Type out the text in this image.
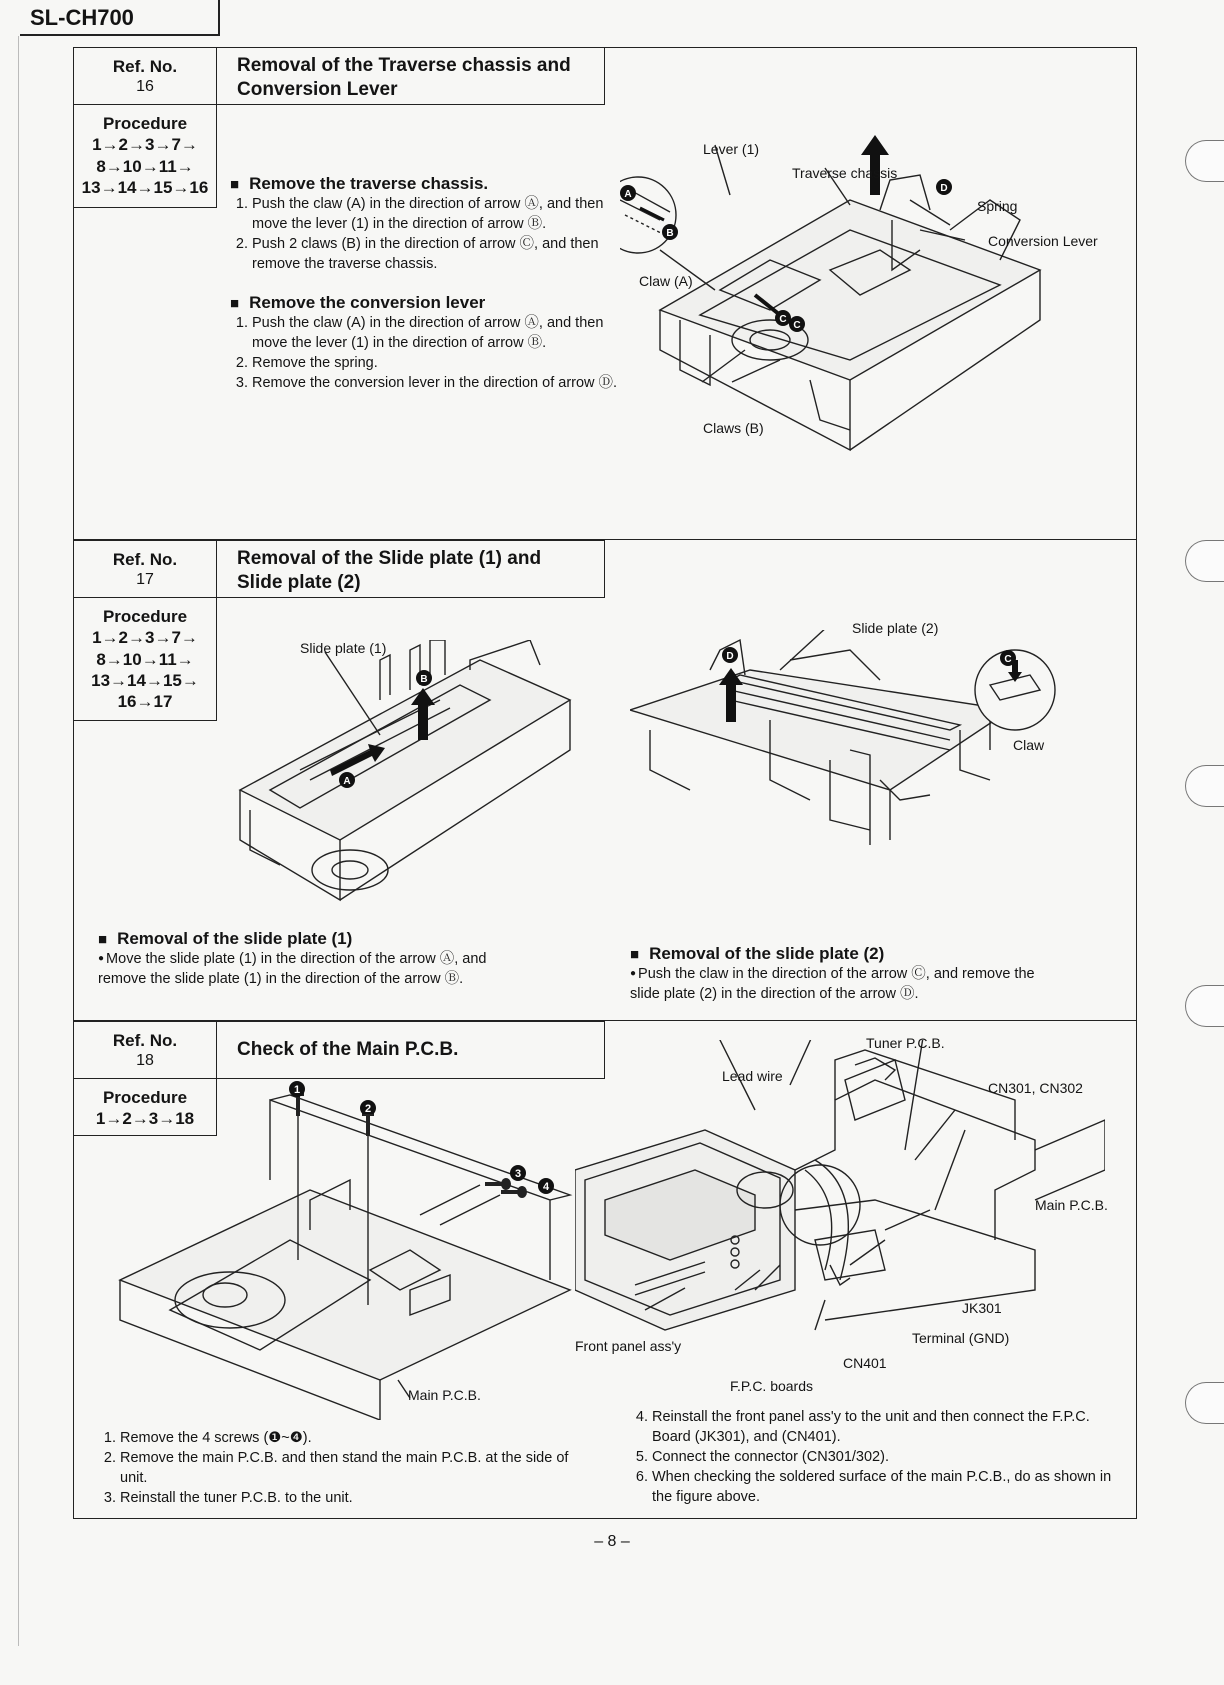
SL-CH700
Ref. No.
16
Removal of the Traverse chassis and
Conversion Lever
Procedure
1→2→3→7→
8→10→11→
13→14→15→16
■	Remove the traverse chassis.
1. Push the claw (A) in the direction of arrow Ⓐ, and then move the lever (1) in the direction of arrow Ⓑ.
2. Push 2 claws (B) in the direction of arrow Ⓒ, and then remove the traverse chassis.
■ Remove the conversion lever
1. Push the claw (A) in the direction of arrow Ⓐ, and then move the lever (1) in the direction of arrow Ⓑ.
2. Remove the spring.
3. Remove the conversion lever in the direction of arrow Ⓓ.
A
B
C
C
D
Lever (1)
Traverse chassis
Spring
Conversion Lever
Claw (A)
Claws (B)
Ref. No.
17
Removal of the Slide plate (1) and
Slide plate (2)
Procedure
1→2→3→7→
8→10→11→
13→14→15→
16→17
A
B
Slide plate (1)
D	C
Slide plate (2)
Claw
■ Removal of the slide plate (1)
● Move the slide plate (1) in the direction of the arrow Ⓐ, and remove the slide plate (1) in the direction of the arrow Ⓑ.
■ Removal of the slide plate (2)
● Push the claw in the direction of the arrow Ⓒ, and remove the slide plate (2) in the direction of the arrow Ⓓ.
Ref. No.
18
Check of the Main P.C.B.
Procedure
1→2→3→18
3
4
1
2
Main P.C.B.
Tuner P.C.B.
Lead wire
CN301, CN302
Main P.C.B.
JK301
Terminal (GND)
Front panel ass'y
CN401
F.P.C. boards
1. Remove the 4 screws (❶~❹).
2. Remove the main P.C.B. and then stand the main P.C.B. at the side of unit.
3. Reinstall the tuner P.C.B. to the unit.
4. Reinstall the front panel ass'y to the unit and then connect the F.P.C. Board (JK301), and (CN401).
5. Connect the connector (CN301/302).
6. When checking the soldered surface of the main P.C.B., do as shown in the figure above.
– 8 –
